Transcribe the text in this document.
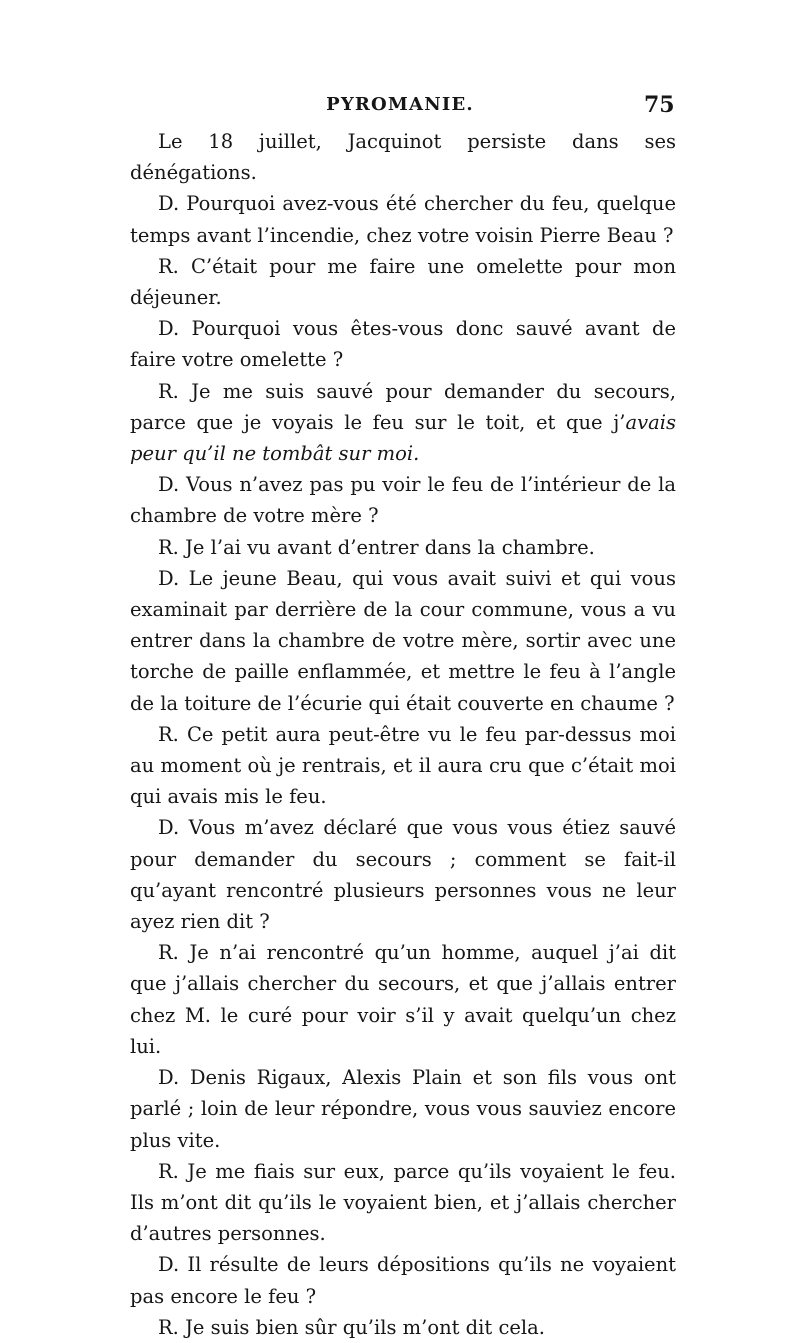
PYROMANIE.	75

Le 18 juillet, Jacquinot persiste dans ses dénégations.

D. Pourquoi avez-vous été chercher du feu, quelque temps avant l’incendie, chez votre voisin Pierre Beau ?

R. C’était pour me faire une omelette pour mon déjeuner.

D. Pourquoi vous êtes-vous donc sauvé avant de faire votre omelette ?

R. Je me suis sauvé pour demander du secours, parce que je voyais le feu sur le toit, et que j’avais peur qu’il ne tombât sur moi.

D. Vous n’avez pas pu voir le feu de l’intérieur de la chambre de votre mère ?

R. Je l’ai vu avant d’entrer dans la chambre.

D. Le jeune Beau, qui vous avait suivi et qui vous examinait par derrière de la cour commune, vous a vu entrer dans la chambre de votre mère, sortir avec une torche de paille enflammée, et mettre le feu à l’angle de la toiture de l’écurie qui était couverte en chaume ?

R. Ce petit aura peut-être vu le feu par-dessus moi au moment où je rentrais, et il aura cru que c’était moi qui avais mis le feu.

D. Vous m’avez déclaré que vous vous étiez sauvé pour demander du secours ; comment se fait-il qu’ayant rencontré plusieurs personnes vous ne leur ayez rien dit ?

R. Je n’ai rencontré qu’un homme, auquel j’ai dit que j’allais chercher du secours, et que j’allais entrer chez M. le curé pour voir s’il y avait quelqu’un chez lui.

D. Denis Rigaux, Alexis Plain et son fils vous ont parlé ; loin de leur répondre, vous vous sauviez encore plus vite.

R. Je me fiais sur eux, parce qu’ils voyaient le feu. Ils m’ont dit qu’ils le voyaient bien, et j’allais chercher d’autres personnes.

D. Il résulte de leurs dépositions qu’ils ne voyaient pas encore le feu ?

R. Je suis bien sûr qu’ils m’ont dit cela.
